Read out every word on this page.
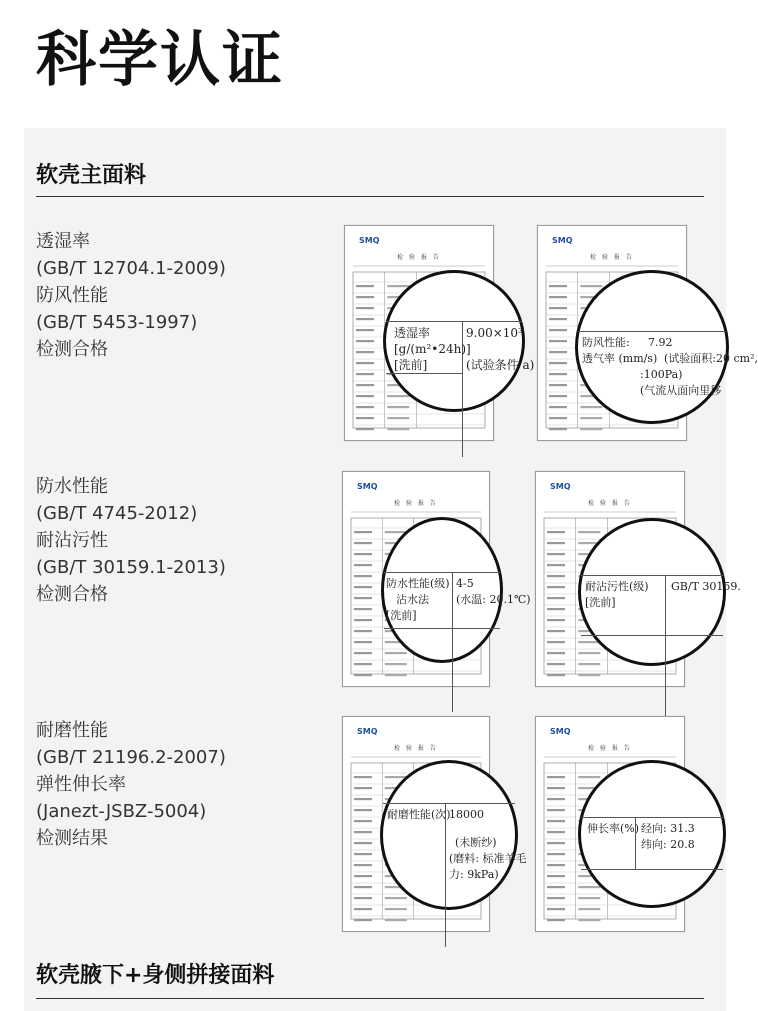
科学认证
软壳主面料
透湿率
(GB/T 12704.1-2009)
防风性能
(GB/T 5453-1997)
检测合格
SMQ
检 验 报 告
透湿率
[g/(m²•24h)]
[洗前]
9.00×10³
(试验条件 a)
SMQ
检 验 报 告
防风性能:
透气率 (mm/s)
7.92
(试验面积:20 cm²,
:100Pa)
(气流从面向里移
防水性能
(GB/T 4745-2012)
耐沾污性
(GB/T 30159.1-2013)
检测合格
SMQ
检 验 报 告
防水性能(级)
沾水法
[洗前]
4-5
(水温: 20.1℃)
SMQ
检 验 报 告
耐沾污性(级)
[洗前]
GB/T 30159.
耐磨性能
(GB/T 21196.2-2007)
弹性伸长率
(Janezt-JSBZ-5004)
检测结果
SMQ
检 验 报 告
耐磨性能(次)
18000
(未断纱)
(磨料: 标准羊毛
力: 9kPa)
SMQ
检 验 报 告
伸长率(%) 经向: 31.3
纬向: 20.8
软壳腋下+身侧拼接面料
